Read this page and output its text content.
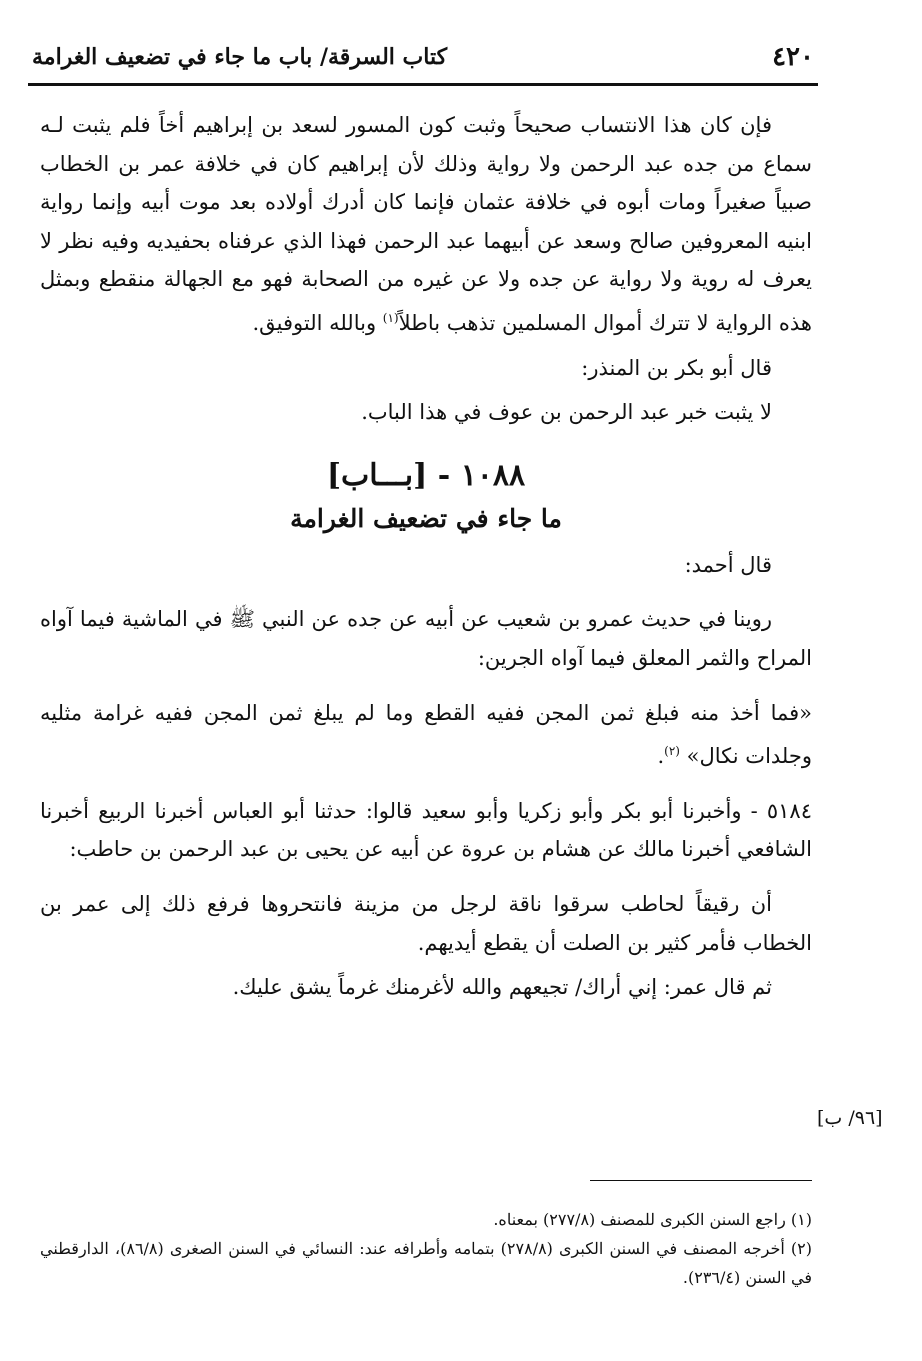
٤٢٠
كتاب السرقة/ باب ما جاء في تضعيف الغرامة

فإن كان هذا الانتساب صحيحاً وثبت كون المسور لسعد بن إبراهيم أخاً فلم يثبت لـه سماع من جده عبد الرحمن ولا رواية وذلك لأن إبراهيم كان في خلافة عمر بن الخطاب صبياً صغيراً ومات أبوه في خلافة عثمان فإنما كان أدرك أولاده بعد موت أبيه وإنما رواية ابنيه المعروفين صالح وسعد عن أبيهما عبد الرحمن فهذا الذي عرفناه بحفيديه وفيه نظر لا يعرف له روية ولا رواية عن جده ولا عن غيره من الصحابة فهو مع الجهالة منقطع وبمثل هذه الرواية لا تترك أموال المسلمين تذهب باطلاً$^{(١)}$ وبالله التوفيق.

قال أبو بكر بن المنذر:

لا يثبت خبر عبد الرحمن بن عوف في هذا الباب.

١٠٨٨ - [بـــاب]
ما جاء في تضعيف الغرامة

قال أحمد:

روينا في حديث عمرو بن شعيب عن أبيه عن جده عن النبي ﷺ في الماشية فيما آواه المراح والثمر المعلق فيما آواه الجرين:

«فما أخذ منه فبلغ ثمن المجن ففيه القطع وما لم يبلغ ثمن المجن ففيه غرامة مثليه وجلدات نكال» $^{(٢)}$.

٥١٨٤ - وأخبرنا أبو بكر وأبو زكريا وأبو سعيد قالوا: حدثنا أبو العباس أخبرنا الربيع أخبرنا الشافعي أخبرنا مالك عن هشام بن عروة عن أبيه عن يحيى بن عبد الرحمن بن حاطب:

أن رقيقاً لحاطب سرقوا ناقة لرجل من مزينة فانتحروها فرفع ذلك إلى عمر بن الخطاب فأمر كثير بن الصلت أن يقطع أيديهم.

ثم قال عمر: إني أراك/ تجيعهم والله لأغرمنك غرماً يشق عليك.

[٩٦/ ب]

(١) راجع السنن الكبرى للمصنف (٢٧٧/٨) بمعناه.

(٢) أخرجه المصنف في السنن الكبرى (٢٧٨/٨) بتمامه وأطرافه عند: النسائي في السنن الصغرى (٨٦/٨)، الدارقطني في السنن (٢٣٦/٤).
